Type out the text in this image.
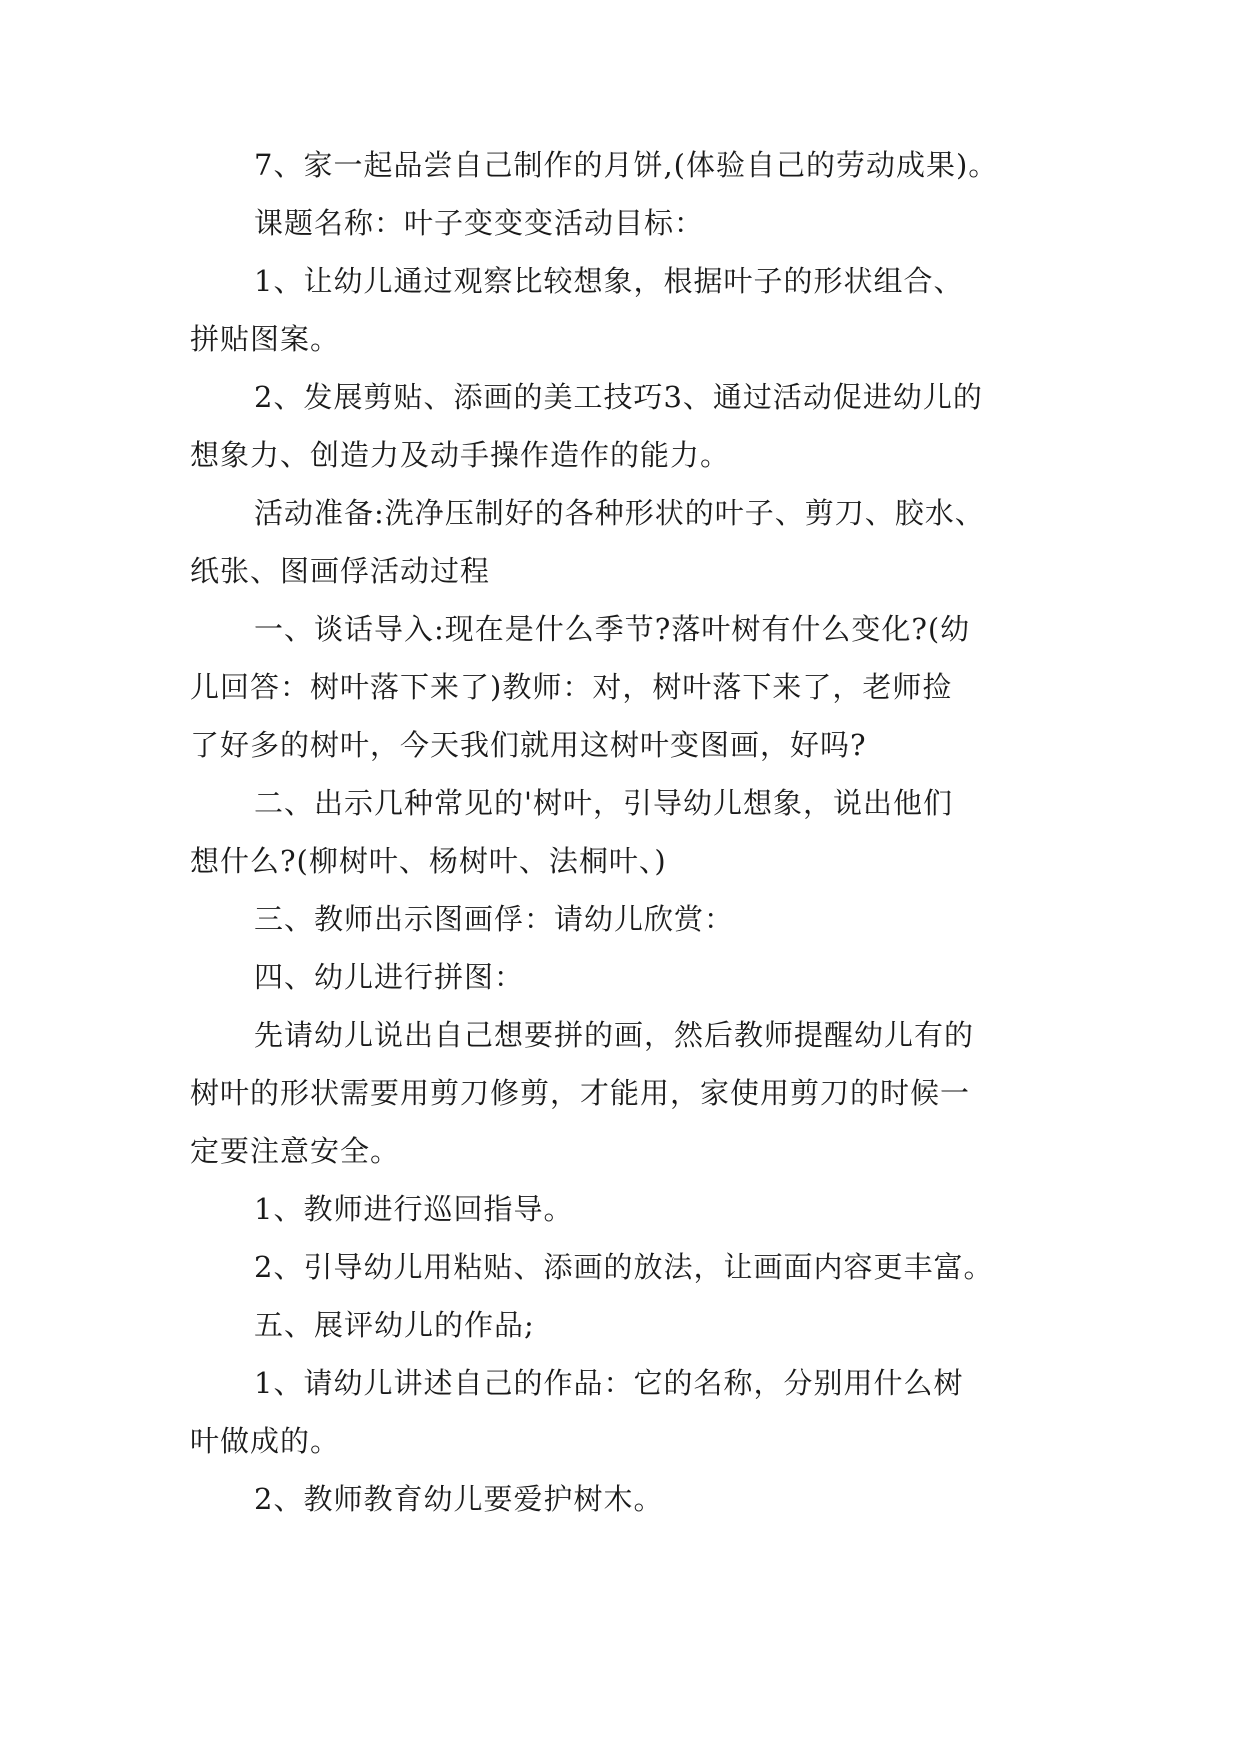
7、家一起品尝自己制作的月饼,(体验自己的劳动成果)。
课题名称：叶子变变变活动目标：
1、让幼儿通过观察比较想象，根据叶子的形状组合、
拼贴图案。
2、发展剪贴、添画的美工技巧3、通过活动促进幼儿的
想象力、创造力及动手操作造作的能力。
活动准备:洗净压制好的各种形状的叶子、剪刀、胶水、
纸张、图画俘活动过程
一、谈话导入:现在是什么季节?落叶树有什么变化?(幼
儿回答：树叶落下来了)教师：对，树叶落下来了，老师捡
了好多的树叶，今天我们就用这树叶变图画，好吗?
二、出示几种常见的'树叶，引导幼儿想象，说出他们
想什么?(柳树叶、杨树叶、法桐叶、)
三、教师出示图画俘：请幼儿欣赏：
四、幼儿进行拼图：
先请幼儿说出自己想要拼的画，然后教师提醒幼儿有的
树叶的形状需要用剪刀修剪，才能用，家使用剪刀的时候一
定要注意安全。
1、教师进行巡回指导。
2、引导幼儿用粘贴、添画的放法，让画面内容更丰富。
五、展评幼儿的作品;
1、请幼儿讲述自己的作品：它的名称，分别用什么树
叶做成的。
2、教师教育幼儿要爱护树木。
